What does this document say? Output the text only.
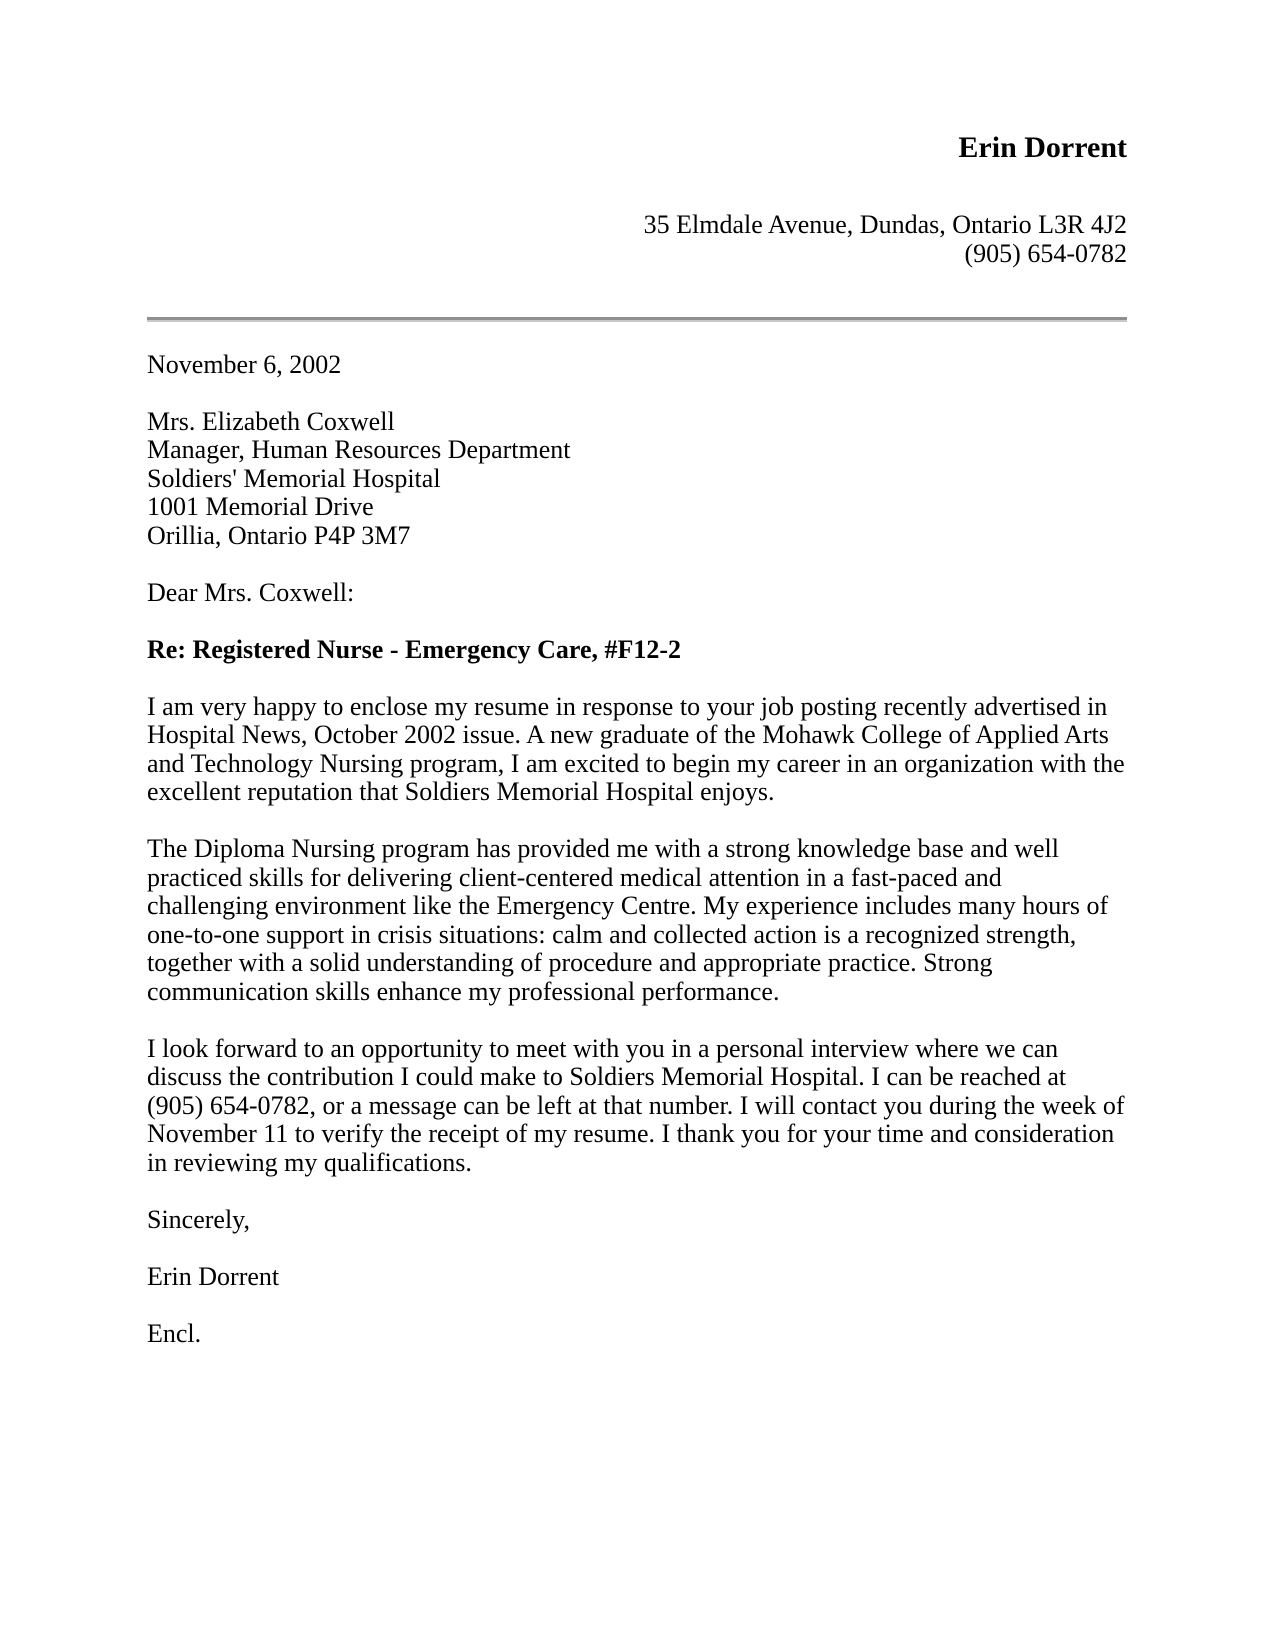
Erin Dorrent
35 Elmdale Avenue, Dundas, Ontario L3R 4J2
(905) 654-0782
November 6, 2002
Mrs. Elizabeth Coxwell
Manager, Human Resources Department
Soldiers' Memorial Hospital
1001 Memorial Drive
Orillia, Ontario P4P 3M7
Dear Mrs. Coxwell:
Re: Registered Nurse - Emergency Care, #F12-2

I am very happy to enclose my resume in response to your job posting recently advertised in Hospital News, October 2002 issue. A new graduate of the Mohawk College of Applied Arts and Technology Nursing program, I am excited to begin my career in an organization with the excellent reputation that Soldiers Memorial Hospital enjoys.

The Diploma Nursing program has provided me with a strong knowledge base and well practiced skills for delivering client-centered medical attention in a fast-paced and challenging environment like the Emergency Centre. My experience includes many hours of one-to-one support in crisis situations: calm and collected action is a recognized strength, together with a solid understanding of procedure and appropriate practice. Strong communication skills enhance my professional performance.

I look forward to an opportunity to meet with you in a personal interview where we can discuss the contribution I could make to Soldiers Memorial Hospital. I can be reached at (905) 654-0782, or a message can be left at that number. I will contact you during the week of November 11 to verify the receipt of my resume. I thank you for your time and consideration in reviewing my qualifications.

Sincerely,
Erin Dorrent
Encl.
